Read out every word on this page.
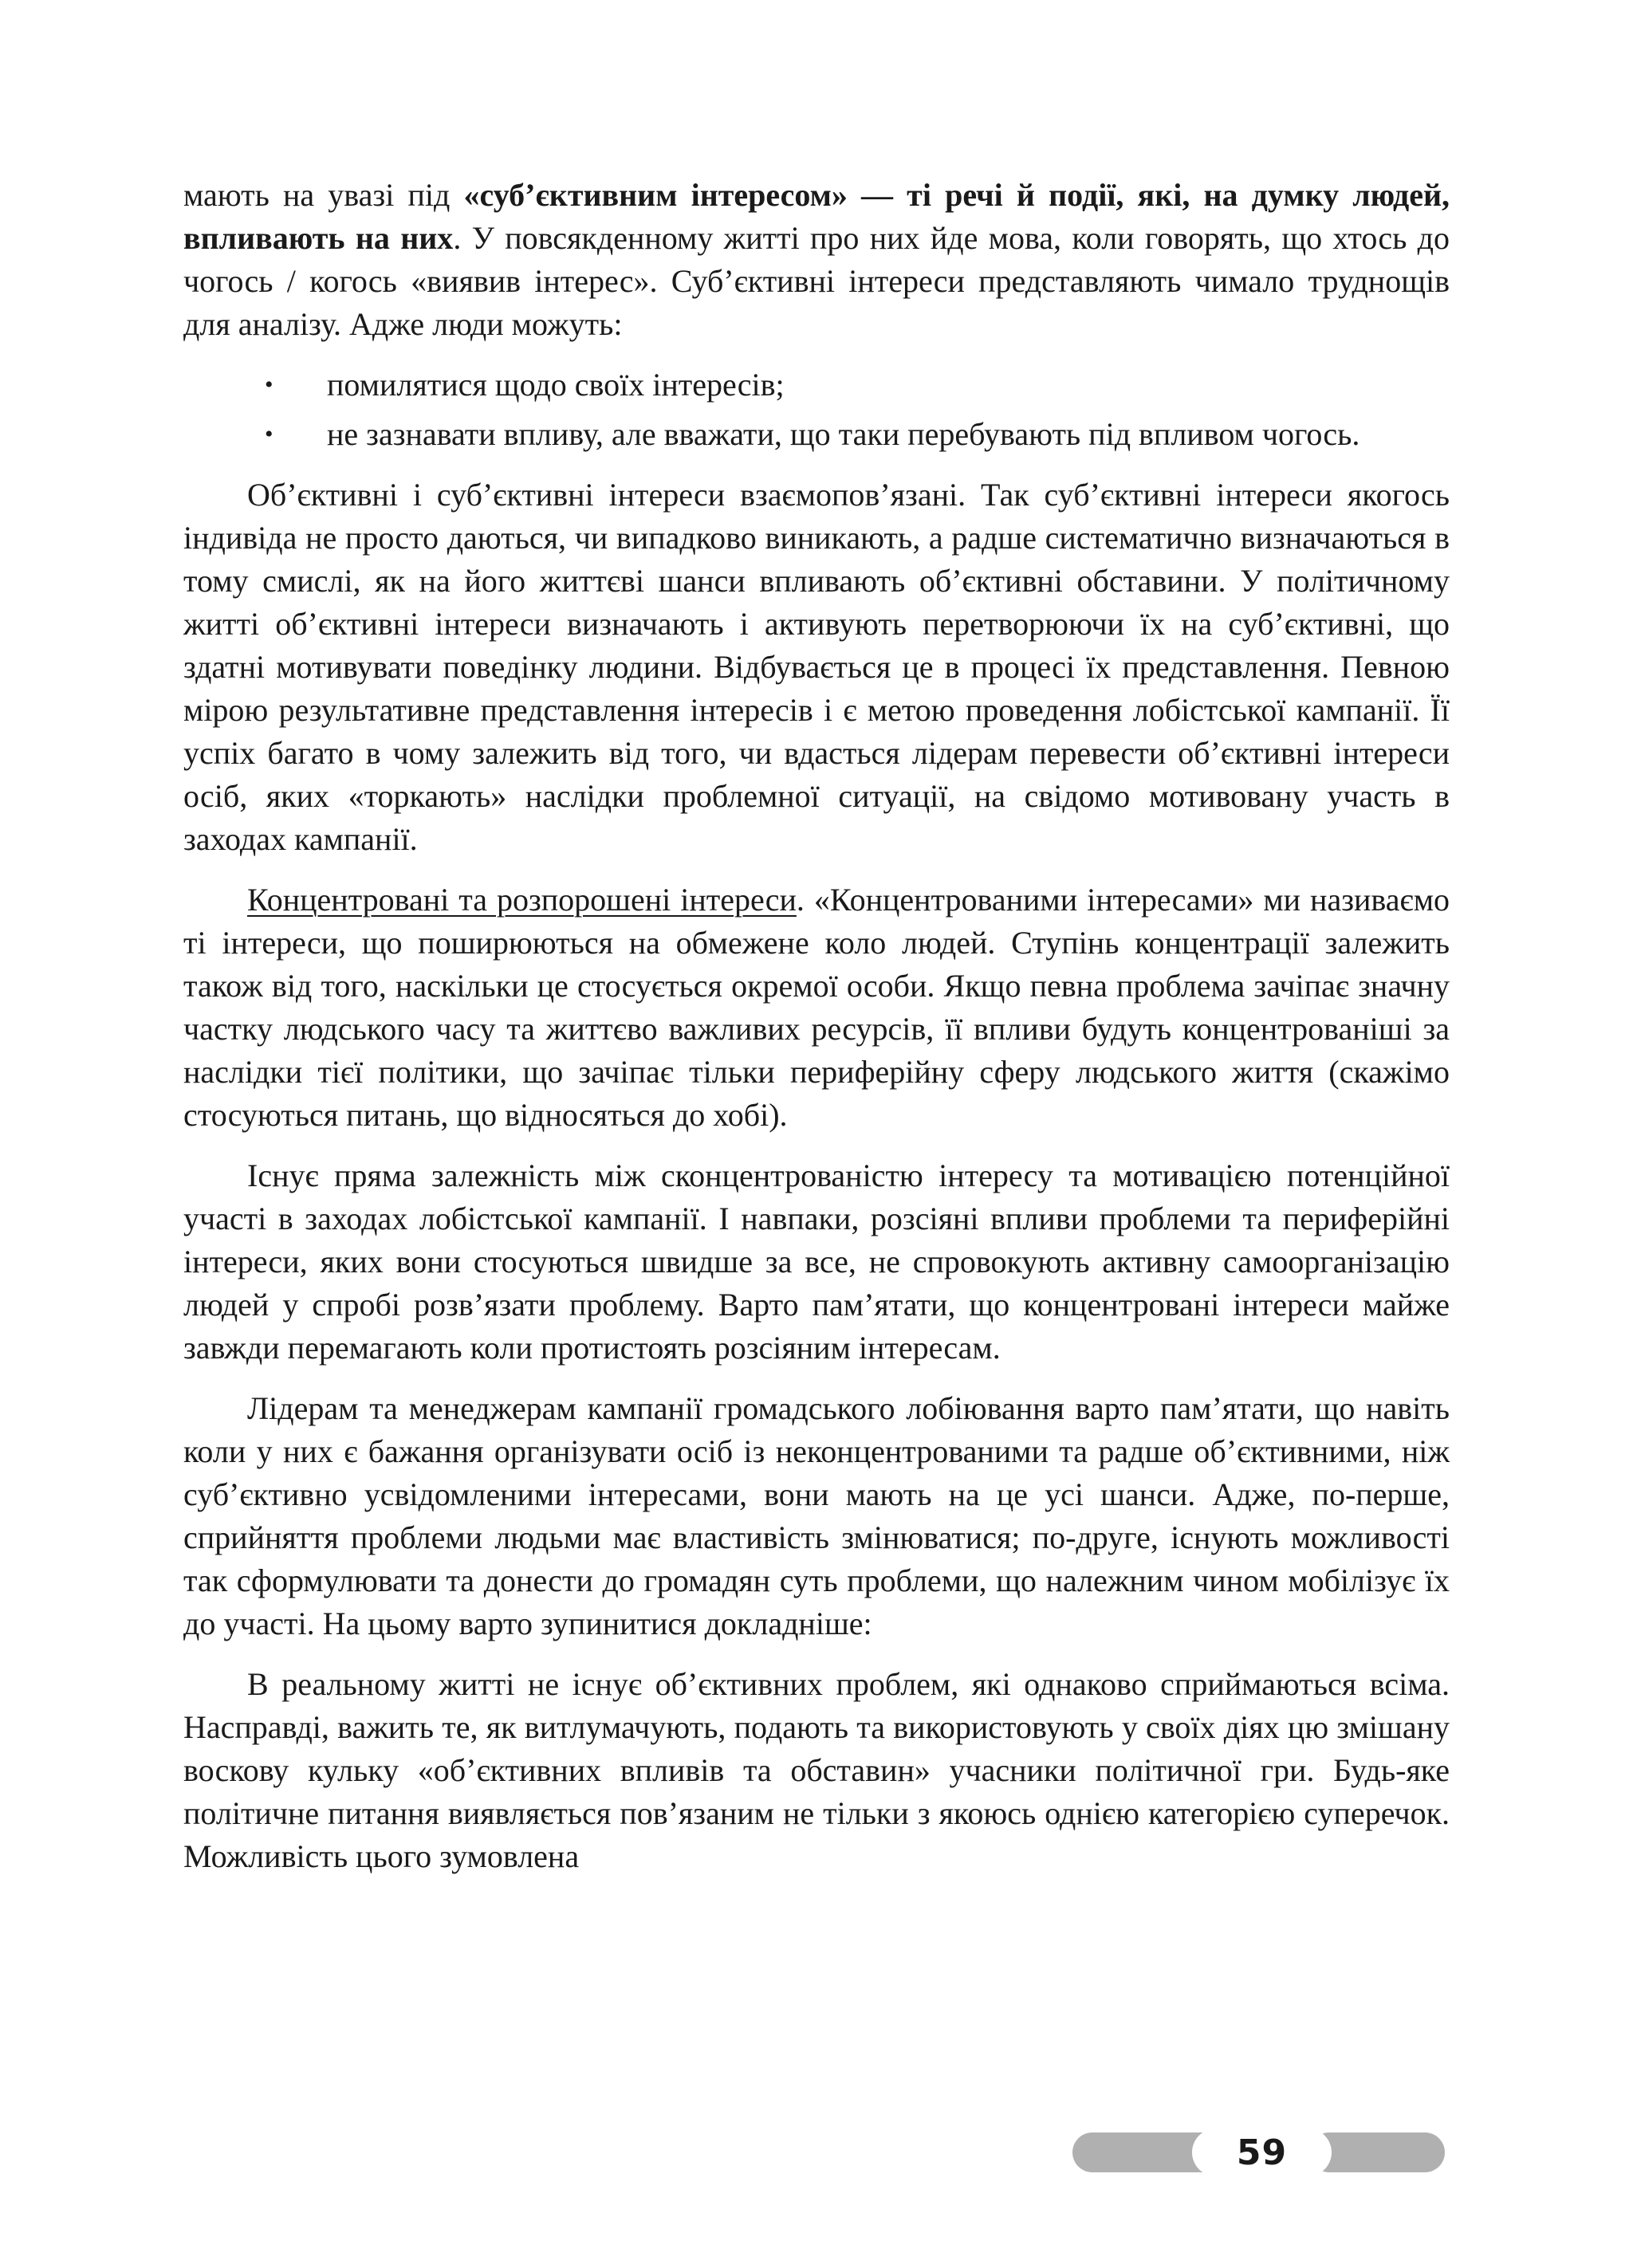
мають на увазі під «суб’єктивним інтересом» — ті речі й події, які, на думку людей, впливають на них. У повсякденному житті про них йде мова, коли говорять, що хтось до чогось / когось «виявив інтерес». Суб’єктивні інтереси представляють чимало труднощів для аналізу. Адже люди можуть:

• помилятися щодо своїх інтересів;
• не зазнавати впливу, але вважати, що таки перебувають під впливом чогось.

Об’єктивні і суб’єктивні інтереси взаємопов’язані. Так суб’єктивні інтереси якогось індивіда не просто даються, чи випадково виникають, а радше систематично визначаються в тому смислі, як на його життєві шанси впливають об’єктивні обставини. У політичному житті об’єктивні інтереси визначають і активують перетворюючи їх на суб’єктивні, що здатні мотивувати поведінку людини. Відбувається це в процесі їх представлення. Певною мірою результативне представлення інтересів і є метою проведення лобістської кампанії. Її успіх багато в чому залежить від того, чи вдасться лідерам перевести об’єктивні інтереси осіб, яких «торкають» наслідки проблемної ситуації, на свідомо мотивовану участь в заходах кампанії.

Концентровані та розпорошені інтереси. «Концентрованими інтересами» ми називаємо ті інтереси, що поширюються на обмежене коло людей. Ступінь концентрації залежить також від того, наскільки це стосується окремої особи. Якщо певна проблема зачіпає значну частку людського часу та життєво важливих ресурсів, її впливи будуть концентрованіші за наслідки тієї політики, що зачіпає тільки периферійну сферу людського життя (скажімо стосуються питань, що відносяться до хобі).

Існує пряма залежність між сконцентрованістю інтересу та мотивацією потенційної участі в заходах лобістської кампанії. І навпаки, розсіяні впливи проблеми та периферійні інтереси, яких вони стосуються швидше за все, не спровокують активну самоорганізацію людей у спробі розв’язати проблему. Варто пам’ятати, що концентровані інтереси майже завжди перемагають коли протистоять розсіяним інтересам.

Лідерам та менеджерам кампанії громадського лобіювання варто пам’ятати, що навіть коли у них є бажання організувати осіб із неконцентрованими та радше об’єктивними, ніж суб’єктивно усвідомленими інтересами, вони мають на це усі шанси. Адже, по-перше, сприйняття проблеми людьми має властивість змінюватися; по-друге, існують можливості так сформулювати та донести до громадян суть проблеми, що належним чином мобілізує їх до участі. На цьому варто зупинитися докладніше:

В реальному житті не існує об’єктивних проблем, які однаково сприймаються всіма. Насправді, важить те, як витлумачують, подають та використовують у своїх діях цю змішану воскову кульку «об’єктивних впливів та обставин» учасники політичної гри. Будь-яке політичне питання виявляється пов’язаним не тільки з якоюсь однією категорією суперечок. Можливість цього зумовлена

59
